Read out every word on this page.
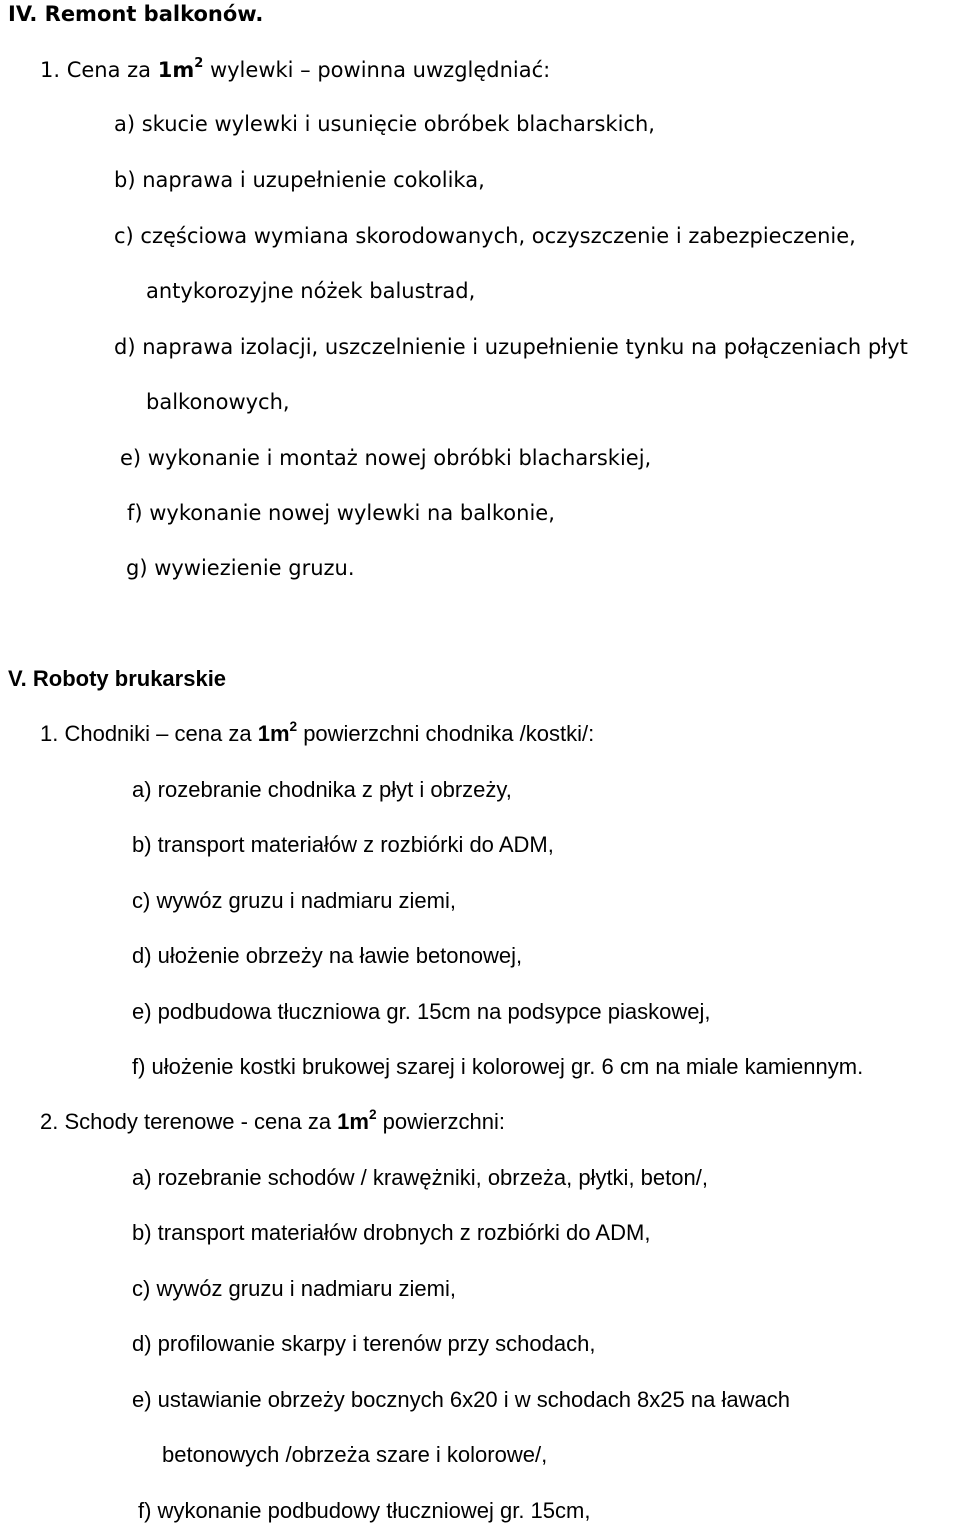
IV. Remont balkonów.
1. Cena za $1m^2$ wylewki – powinna uwzględniać:
a) skucie wylewki i usunięcie obróbek blacharskich,
b) naprawa i uzupełnienie cokolika,
c) częściowa wymiana skorodowanych, oczyszczenie i zabezpieczenie,
antykorozyjne nóżek balustrad,
d) naprawa izolacji, uszczelnienie i uzupełnienie tynku na połączeniach płyt
balkonowych,
e) wykonanie i montaż nowej obróbki blacharskiej,
f) wykonanie nowej wylewki na balkonie,
g) wywiezienie gruzu.
V. Roboty brukarskie
1. Chodniki – cena za $1m^2$ powierzchni chodnika /kostki/:
a) rozebranie chodnika z płyt i obrzeży,
b) transport materiałów z rozbiórki do ADM,
c) wywóz gruzu i nadmiaru ziemi,
d) ułożenie obrzeży na ławie betonowej,
e) podbudowa tłuczniowa gr. 15cm na podsypce piaskowej,
f) ułożenie kostki brukowej szarej i kolorowej gr. 6 cm na miale kamiennym.
2. Schody terenowe - cena za $1m^2$ powierzchni:
a) rozebranie schodów / krawężniki, obrzeża, płytki, beton/,
b) transport materiałów drobnych z rozbiórki do ADM,
c) wywóz gruzu i nadmiaru ziemi,
d) profilowanie skarpy i terenów przy schodach,
e) ustawianie obrzeży bocznych 6x20 i w schodach 8x25 na ławach
betonowych /obrzeża szare i kolorowe/,
f) wykonanie podbudowy tłuczniowej gr. 15cm,
